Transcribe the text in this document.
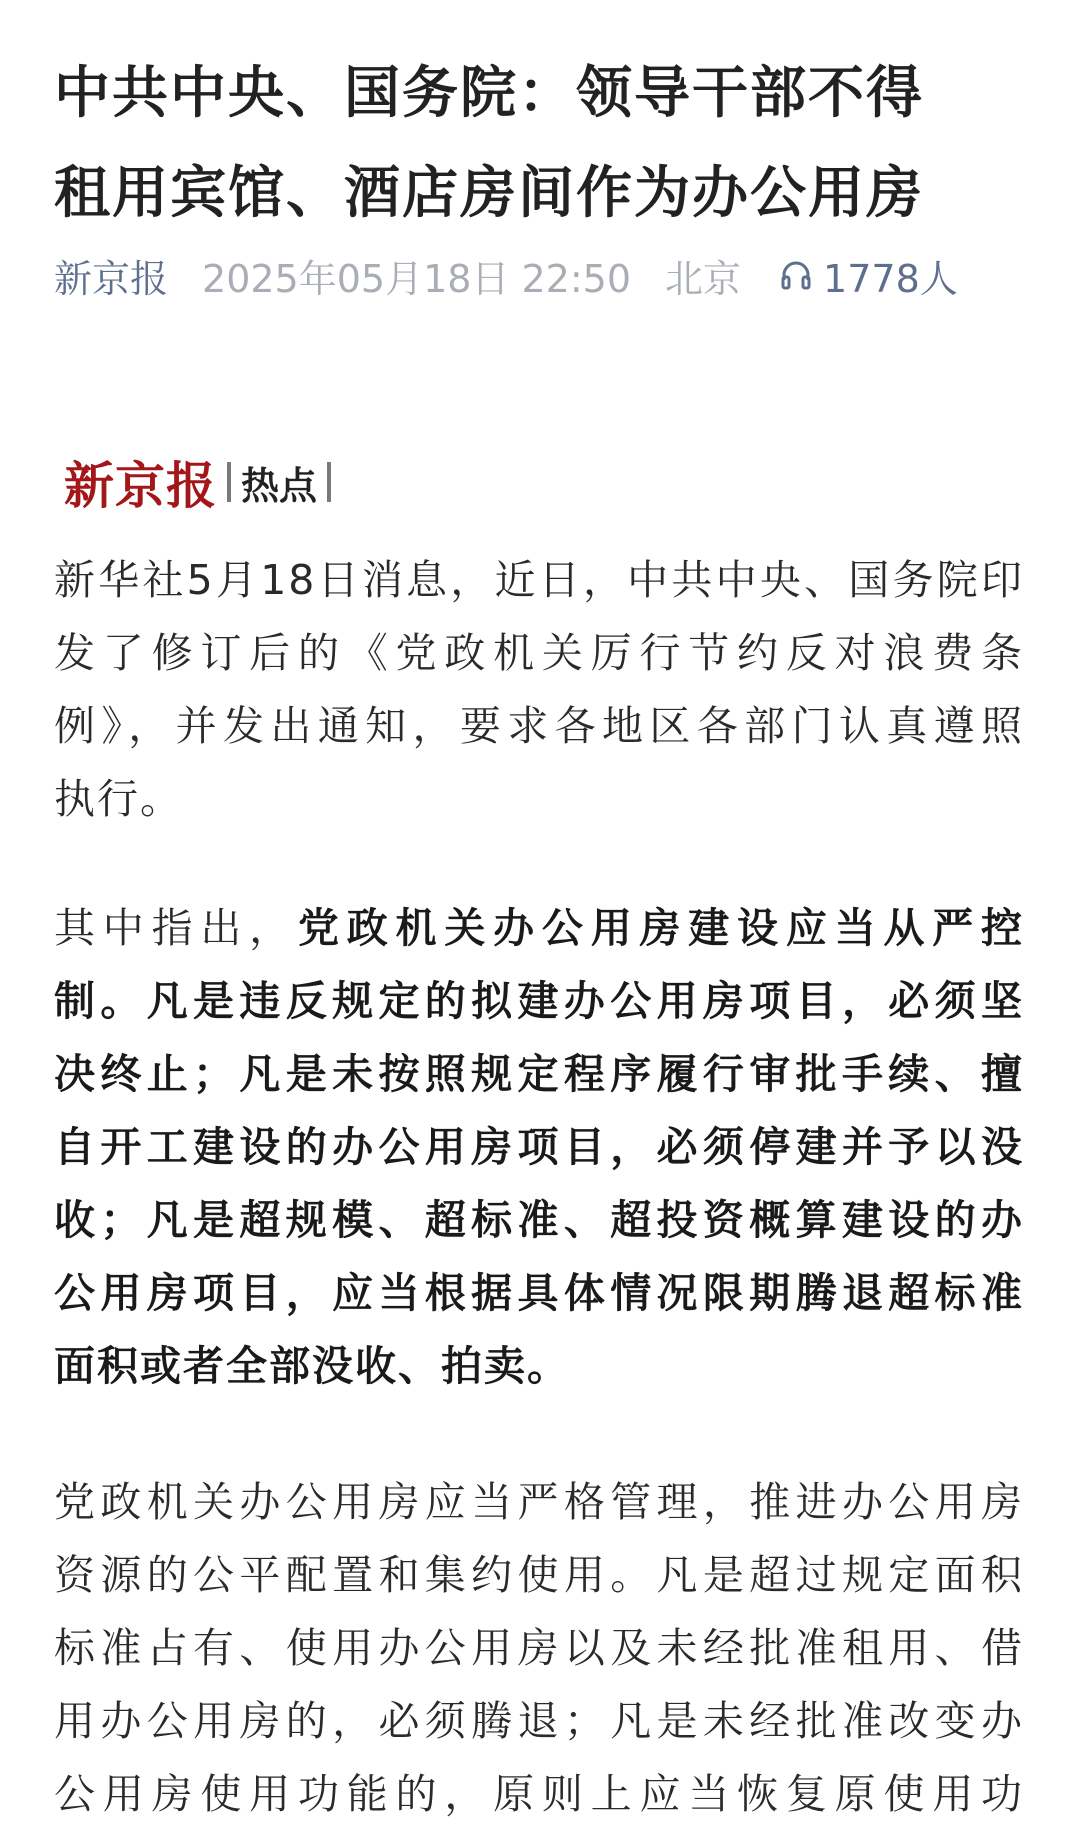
中共中央、国务院：领导干部不得
租用宾馆、酒店房间作为办公用房
新京报 2025年05月18日 22:50 北京 1778人
新京报 热点

新华社5月18日消息，近日，中共中央、国务院印
发了修订后的《党政机关厉行节约反对浪费条
例》，并发出通知，要求各地区各部门认真遵照
执行。

其中指出，党政机关办公用房建设应当从严控
制。凡是违反规定的拟建办公用房项目，必须坚
决终止；凡是未按照规定程序履行审批手续、擅
自开工建设的办公用房项目，必须停建并予以没
收；凡是超规模、超标准、超投资概算建设的办
公用房项目，应当根据具体情况限期腾退超标准
面积或者全部没收、拍卖。

党政机关办公用房应当严格管理，推进办公用房
资源的公平配置和集约使用。凡是超过规定面积
标准占有、使用办公用房以及未经批准租用、借
用办公用房的，必须腾退；凡是未经批准改变办
公用房使用功能的，原则上应当恢复原使用功
